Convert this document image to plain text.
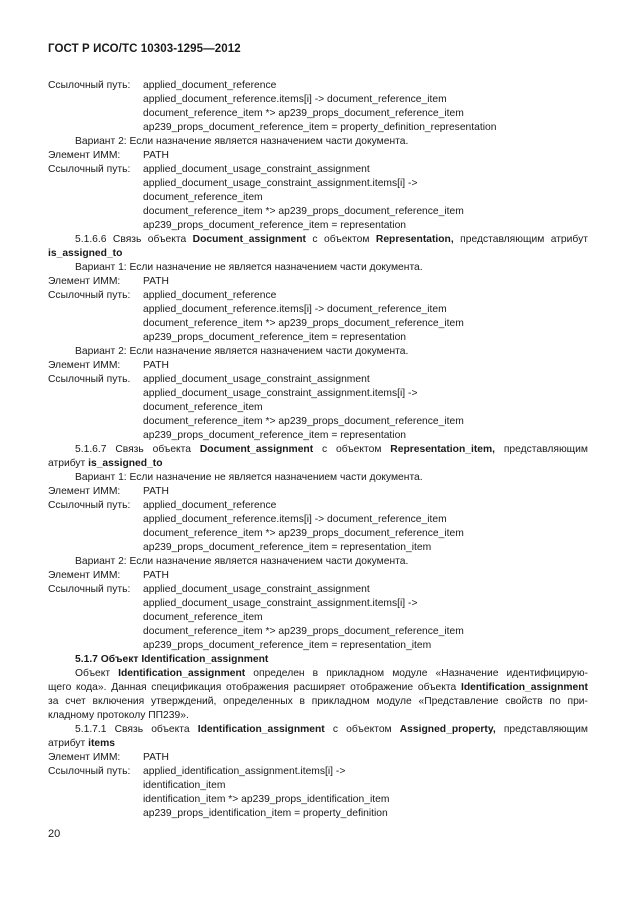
ГОСТ Р ИСО/ТС 10303-1295—2012
Ссылочный путь:	applied_document_reference
applied_document_reference.items[i] -> document_reference_item
document_reference_item *> ap239_props_document_reference_item
ap239_props_document_reference_item = property_definition_representation
Вариант 2: Если назначение является назначением части документа.
Элемент ИММ:	PATH
Ссылочный путь:	applied_document_usage_constraint_assignment
applied_document_usage_constraint_assignment.items[i] ->
document_reference_item
document_reference_item *> ap239_props_document_reference_item
ap239_props_document_reference_item = representation
5.1.6.6 Связь объекта Document_assignment с объектом Representation, представляющим атрибут
is_assigned_to
Вариант 1: Если назначение не является назначением части документа.
Элемент ИММ:	PATH
Ссылочный путь:	applied_document_reference
applied_document_reference.items[i] -> document_reference_item
document_reference_item *> ap239_props_document_reference_item
ap239_props_document_reference_item = representation
Вариант 2: Если назначение является назначением части документа.
Элемент ИММ:	PATH
Ссылочный путь.	applied_document_usage_constraint_assignment
applied_document_usage_constraint_assignment.items[i] ->
document_reference_item
document_reference_item *> ap239_props_document_reference_item
ap239_props_document_reference_item = representation
5.1.6.7 Связь объекта Document_assignment с объектом Representation_item, представляющим
атрибут is_assigned_to
Вариант 1: Если назначение не является назначением части документа.
Элемент ИММ:	PATH
Ссылочный путь:	applied_document_reference
applied_document_reference.items[i] -> document_reference_item
document_reference_item *> ap239_props_document_reference_item
ap239_props_document_reference_item = representation_item
Вариант 2: Если назначение является назначением части документа.
Элемент ИММ:	PATH
Ссылочный путь:	applied_document_usage_constraint_assignment
applied_document_usage_constraint_assignment.items[i] ->
document_reference_item
document_reference_item *> ap239_props_document_reference_item
ap239_props_document_reference_item = representation_item
5.1.7 Объект Identification_assignment
Объект Identification_assignment определен в прикладном модуле «Назначение идентифицирую-
щего кода». Данная спецификация отображения расширяет отображение объекта Identification_assignment
за счет включения утверждений, определенных в прикладном модуле «Представление свойств по при-
кладному протоколу ПП239».
5.1.7.1 Связь объекта Identification_assignment с объектом Assigned_property, представляющим
атрибут items
Элемент ИММ:	PATH
Ссылочный путь:	applied_identification_assignment.items[i] ->
identification_item
identification_item *> ap239_props_identification_item
ap239_props_identification_item = property_definition
20
